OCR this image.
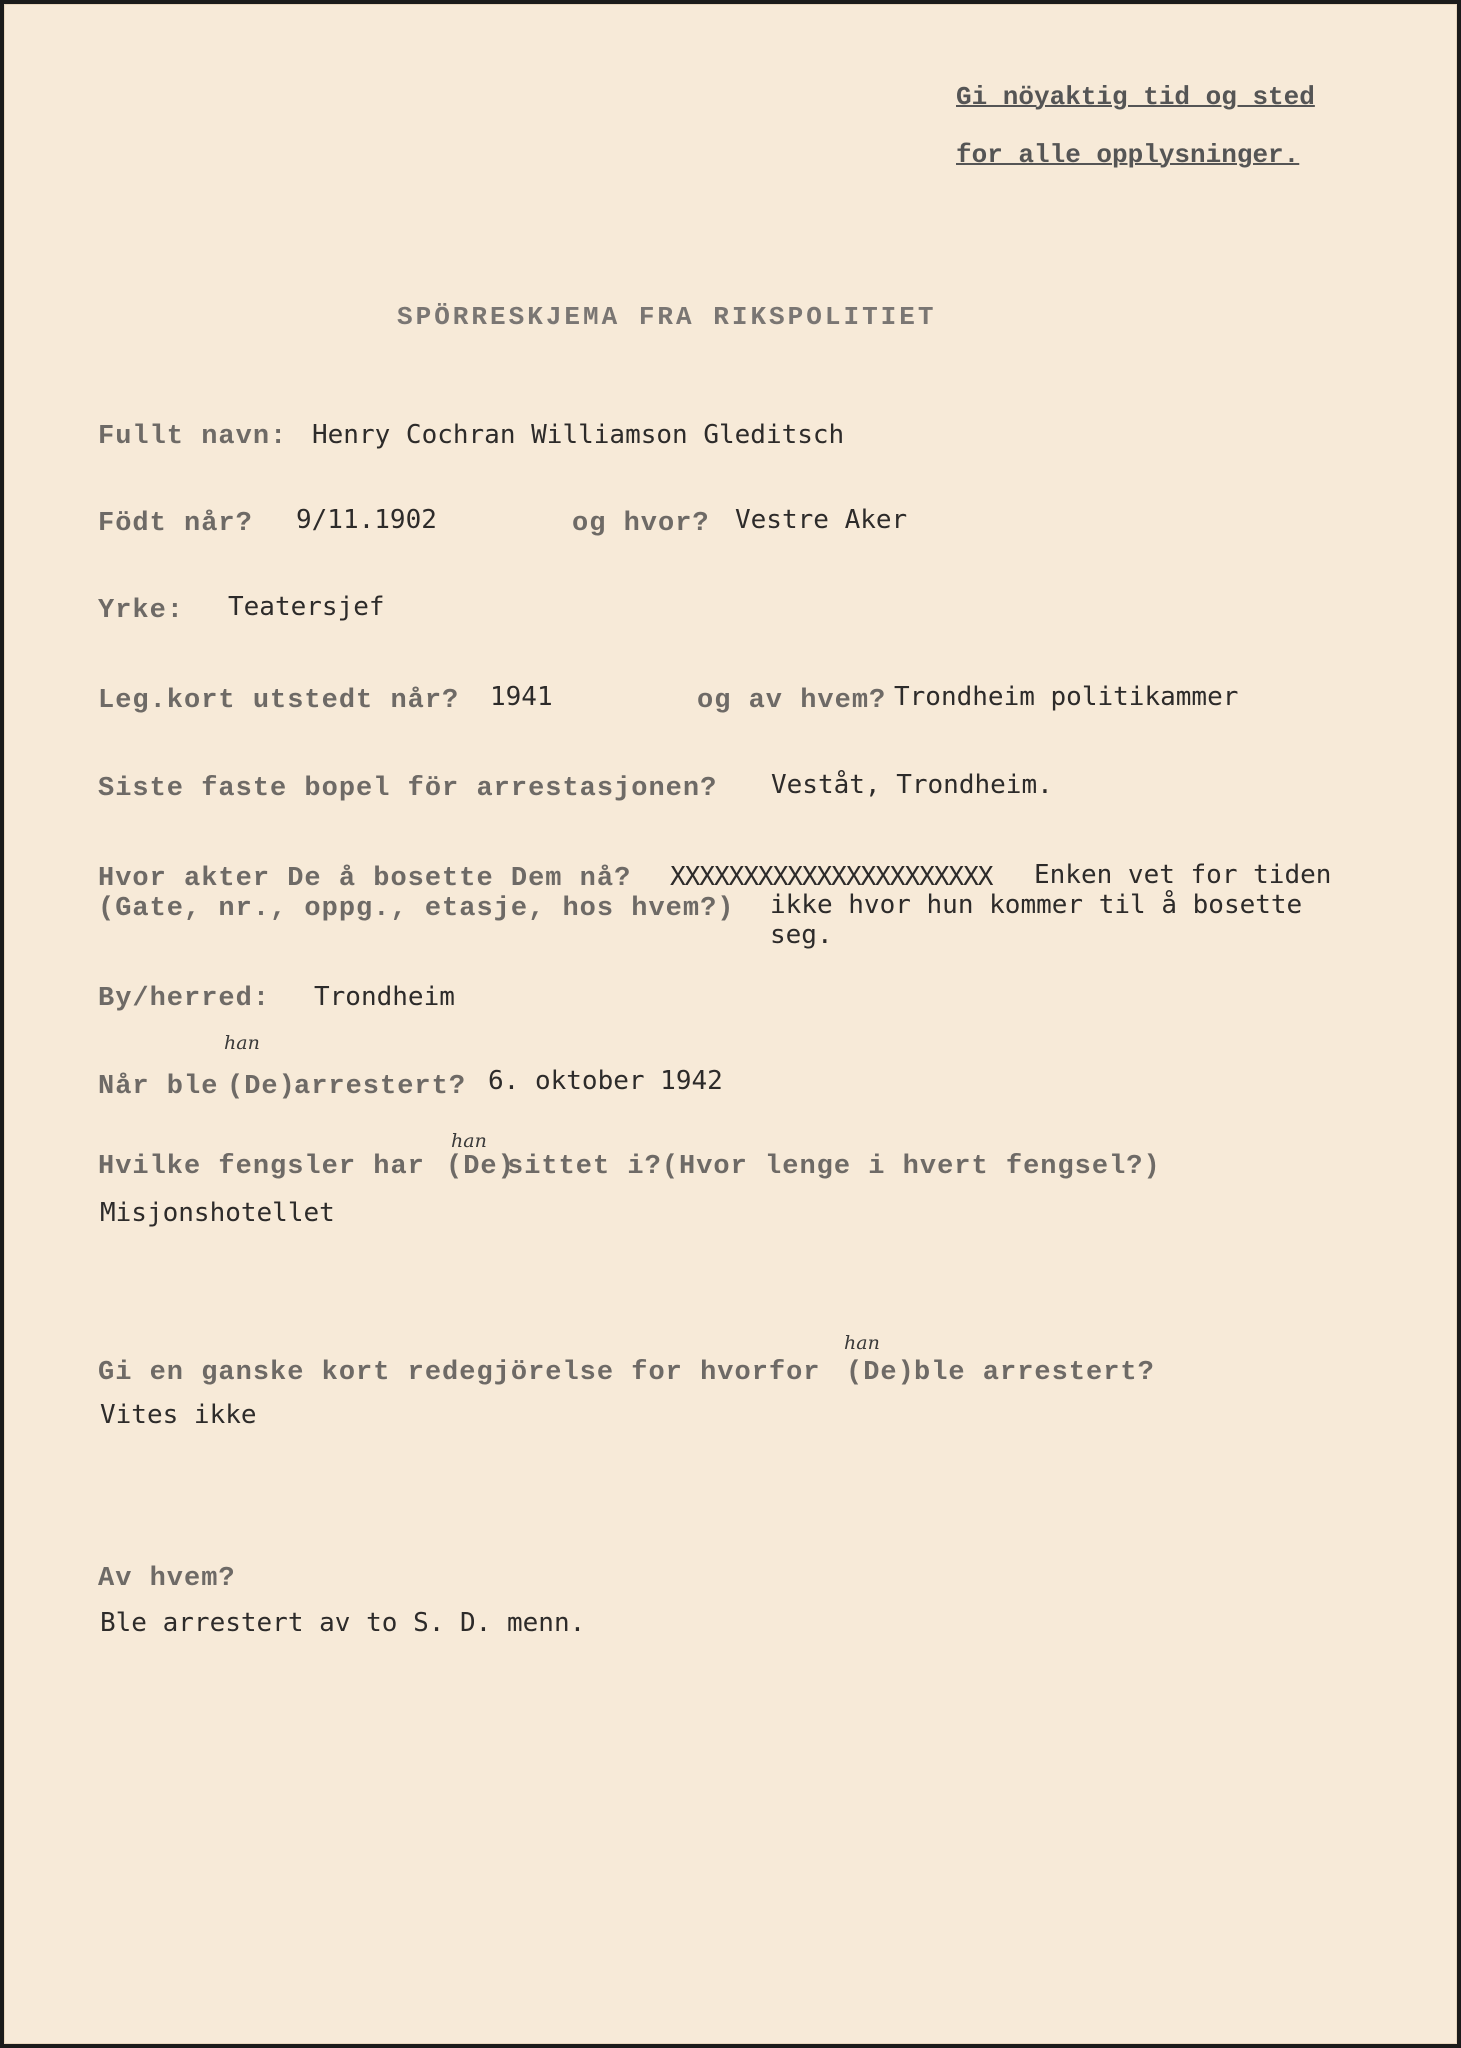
Gi nöyaktig tid og sted
for alle opplysninger.
SPÖRRESKJEMA FRA RIKSPOLITIET
Fullt navn: Henry Cochran Williamson Gleditsch
Födt når? 9/11.1902	og hvor? Vestre Aker
Yrke: Teatersjef
Leg.kort utstedt når? 1941	og av hvem? Trondheim politikammer
Siste faste bopel för arrestasjonen? Veståt, Trondheim.
Hvor akter De å bosette Dem nå?
(Gate, nr., oppg., etasje, hos hvem?)
XXXXXXXXXXXXXXXXXXXXXX Enken vet for tiden
ikke hvor hun kommer til å bosette
seg.
By/herred: Trondheim
han
Når ble (De)
arrestert? 6. oktober 1942
han
Hvilke fengsler har (De)
sittet i?(Hvor lenge i hvert fengsel?)
Misjonshotellet
han
Gi en ganske kort redegjörelse for hvorfor (De) ble arrestert?
Vites ikke
Av hvem?
Ble arrestert av to S. D. menn.
